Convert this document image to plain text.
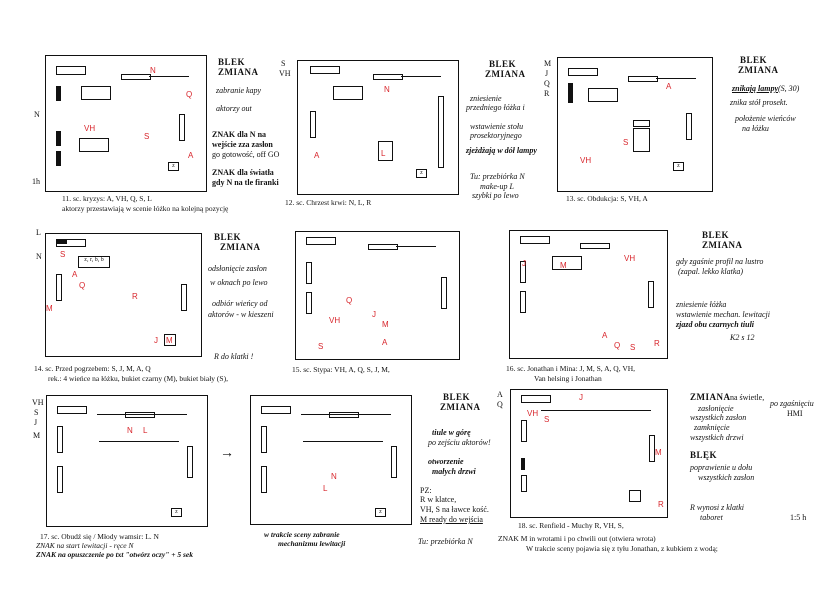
N
1h
z
N
Q
VH
S
A
11. sc. kryzys: A, VH, Q, S, L
aktorzy przestawiają w scenie łóżko na kolejną pozycję
BLEK
ZMIANA
zabranie kapy
aktorzy out
ZNAK dla N na
wejście zza zasłon
go gotowość, off GO
ZNAK dla światła
gdy N na tle firanki
S
VH
z
N
A	L
12. sc. Chrzest krwi: N, L, R
BLEK
ZMIANA
zniesienie
przedniego łóżka i
wstawienie stołu
prosektoryjnego
zjeżdżają w dół lampy
Tu: przebiórka N
make-up L
szybki po lewo
M
J
Q
R
z
A
S
VH
13. sc. Obdukcja: S, VH, A
BLEK
ZMIANA
znikają lampy (S, 30)
znika stół prosekt.
położenie wieńców
na łóżku
L
N	z, r, b, b
S
A
Q
R
M
J M
14. sc. Przed pogrzebem: S, J, M, A, Q
rek.: 4 wieńce na łóżku, bukiet czarny (M), bukiet biały (S),
BLEK
ZMIANA
odsłonięcie zasłon
w oknach po lewo
odbiór wieńcy od
aktorów - w kieszeni
R do klatki !
Q
VH
J
M
S	A
15. sc. Stypa: VH, A, Q, S, J, M,
J	M
VH
A
Q	R
S
16. sc. Jonathan i Mina: J, M, S, A, Q, VH,
Van helsing i Jonathan
BLEK
ZMIANA
gdy zgaśnie profil na lustro
(zapal. lekko klatka)
zniesienie łóżka
wstawienie mechan. lewitacji
zjazd obu czarnych tiuli
K2 s 12
VH
S
J
M
z
N L
17. sc. Obudź się / Młody wamsir: L. N
ZNAK na start lewitacji - ręce N
ZNAK na opuszczenie po txt "otwórz oczy" + 5 sek
→
z
N
L
w trakcie sceny zabranie
mechanizmu lewitacji
BLEK
ZMIANA
tiule w górę
po zejściu aktorów!
otworzenie
małych drzwi
PZ:
R w klatce,
VH, S na ławce kość.
M ready do wejścia
Tu: przebiórka N
A
Q
VH
S
J
M
R
18. sc. Renfield - Muchy R, VH, S,
ZNAK M in wrotami i po chwili out (otwiera wrota)
W trakcie sceny pojawia się z tyłu Jonathan, z kubkiem z wodą;
ZMIANA na świetle,
po zgaśnięciu
HMI
zasłonięcie
wszystkich zasłon
zamknięcie
wszystkich drzwi
BLĘK
poprawienie u dołu
wszystkich zasłon
R wynosi z klatki
taboret	1:5 h
